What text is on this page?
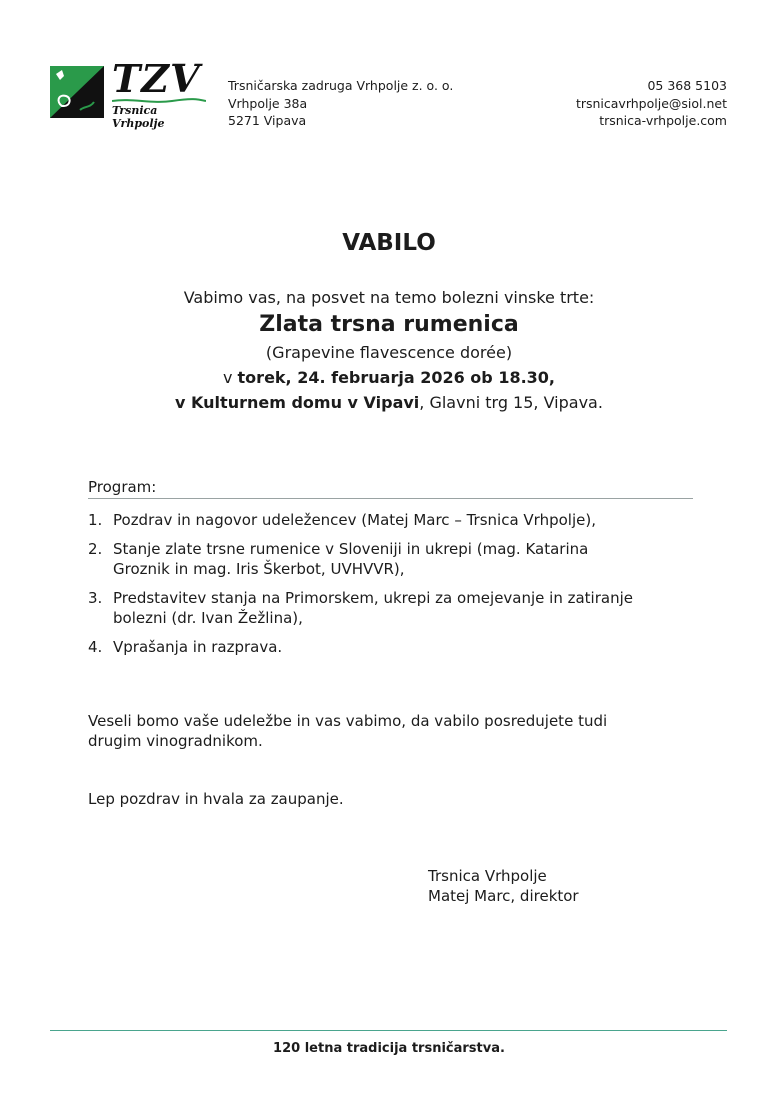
TZV
Trsnica Vrhpolje
Trsničarska zadruga Vrhpolje z. o. o.
Vrhpolje 38a
5271 Vipava
05 368 5103
trsnicavrhpolje@siol.net
trsnica-vrhpolje.com
VABILO
Vabimo vas, na posvet na temo bolezni vinske trte:
Zlata trsna rumenica
(Grapevine flavescence dorée)
v torek, 24. februarja 2026 ob 18.30,
v Kulturnem domu v Vipavi, Glavni trg 15, Vipava.
Program:
1. Pozdrav in nagovor udeležencev (Matej Marc – Trsnica Vrhpolje),
2. Stanje zlate trsne rumenice v Sloveniji in ukrepi (mag. Katarina Groznik in mag. Iris Škerbot, UVHVVR),
3. Predstavitev stanja na Primorskem, ukrepi za omejevanje in zatiranje bolezni (dr. Ivan Žežlina),
4. Vprašanja in razprava.
Veseli bomo vaše udeležbe in vas vabimo, da vabilo posredujete tudi drugim vinogradnikom.
Lep pozdrav in hvala za zaupanje.
Trsnica Vrhpolje
Matej Marc, direktor
120 letna tradicija trsničarstva.
